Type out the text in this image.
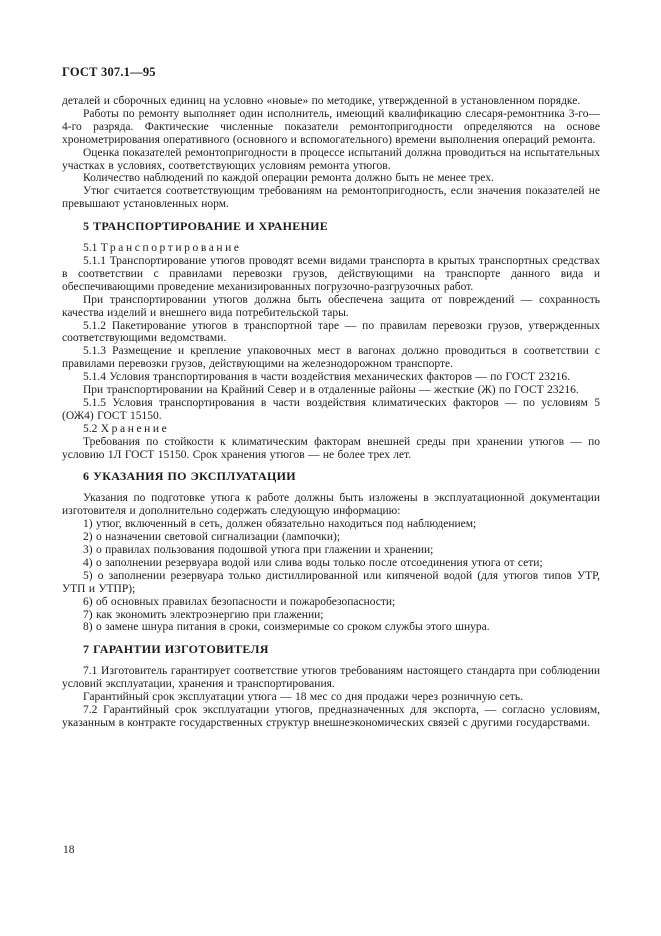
ГОСТ 307.1—95

деталей и сборочных единиц на условно «новые» по методике, утвержденной в установленном порядке.

Работы по ремонту выполняет один исполнитель, имеющий квалификацию слесаря-ремонтника 3-го— 4-го разряда. Фактические численные показатели ремонтопригодности определяются на основе хронометрирования оперативного (основного и вспомогательного) времени выполнения операций ремонта.

Оценка показателей ремонтопригодности в процессе испытаний должна проводиться на испытательных участках в условиях, соответствующих условиям ремонта утюгов.

Количество наблюдений по каждой операции ремонта должно быть не менее трех.

Утюг считается соответствующим требованиям на ремонтопригодность, если значения показателей не превышают установленных норм.

5 ТРАНСПОРТИРОВАНИЕ И ХРАНЕНИЕ

5.1 Транспортирование

5.1.1 Транспортирование утюгов проводят всеми видами транспорта в крытых транспортных средствах в соответствии с правилами перевозки грузов, действующими на транспорте данного вида и обеспечивающими проведение механизированных погрузочно-разгрузочных работ.

При транспортировании утюгов должна быть обеспечена защита от повреждений — сохранность качества изделий и внешнего вида потребительской тары.

5.1.2 Пакетирование утюгов в транспортной таре — по правилам перевозки грузов, утвержденных соответствующими ведомствами.

5.1.3 Размещение и крепление упаковочных мест в вагонах должно проводиться в соответствии с правилами перевозки грузов, действующими на железнодорожном транспорте.

5.1.4 Условия транспортирования в части воздействия механических факторов — по ГОСТ 23216.

При транспортировании на Крайний Север и в отдаленные районы — жесткие (Ж) по ГОСТ 23216.

5.1.5 Условия транспортирования в части воздействия климатических факторов — по условиям 5 (ОЖ4) ГОСТ 15150.

5.2 Хранение

Требования по стойкости к климатическим факторам внешней среды при хранении утюгов — по условию 1Л ГОСТ 15150. Срок хранения утюгов — не более трех лет.

6 УКАЗАНИЯ ПО ЭКСПЛУАТАЦИИ

Указания по подготовке утюга к работе должны быть изложены в эксплуатационной документации изготовителя и дополнительно содержать следующую информацию:

1) утюг, включенный в сеть, должен обязательно находиться под наблюдением;

2) о назначении световой сигнализации (лампочки);

3) о правилах пользования подошвой утюга при глажении и хранении;

4) о заполнении резервуара водой или слива воды только после отсоединения утюга от сети;

5) о заполнении резервуара только дистиллированной или кипяченой водой (для утюгов типов УТР, УТП и УТПР);

6) об основных правилах безопасности и пожаробезопасности;

7) как экономить электроэнергию при глажении;

8) о замене шнура питания в сроки, соизмеримые со сроком службы этого шнура.

7 ГАРАНТИИ ИЗГОТОВИТЕЛЯ

7.1 Изготовитель гарантирует соответствие утюгов требованиям настоящего стандарта при соблюдении условий эксплуатации, хранения и транспортирования.

Гарантийный срок эксплуатации утюга — 18 мес со дня продажи через розничную сеть.

7.2 Гарантийный срок эксплуатации утюгов, предназначенных для экспорта, — согласно условиям, указанным в контракте государственных структур внешнеэкономических связей с другими государствами.

18
